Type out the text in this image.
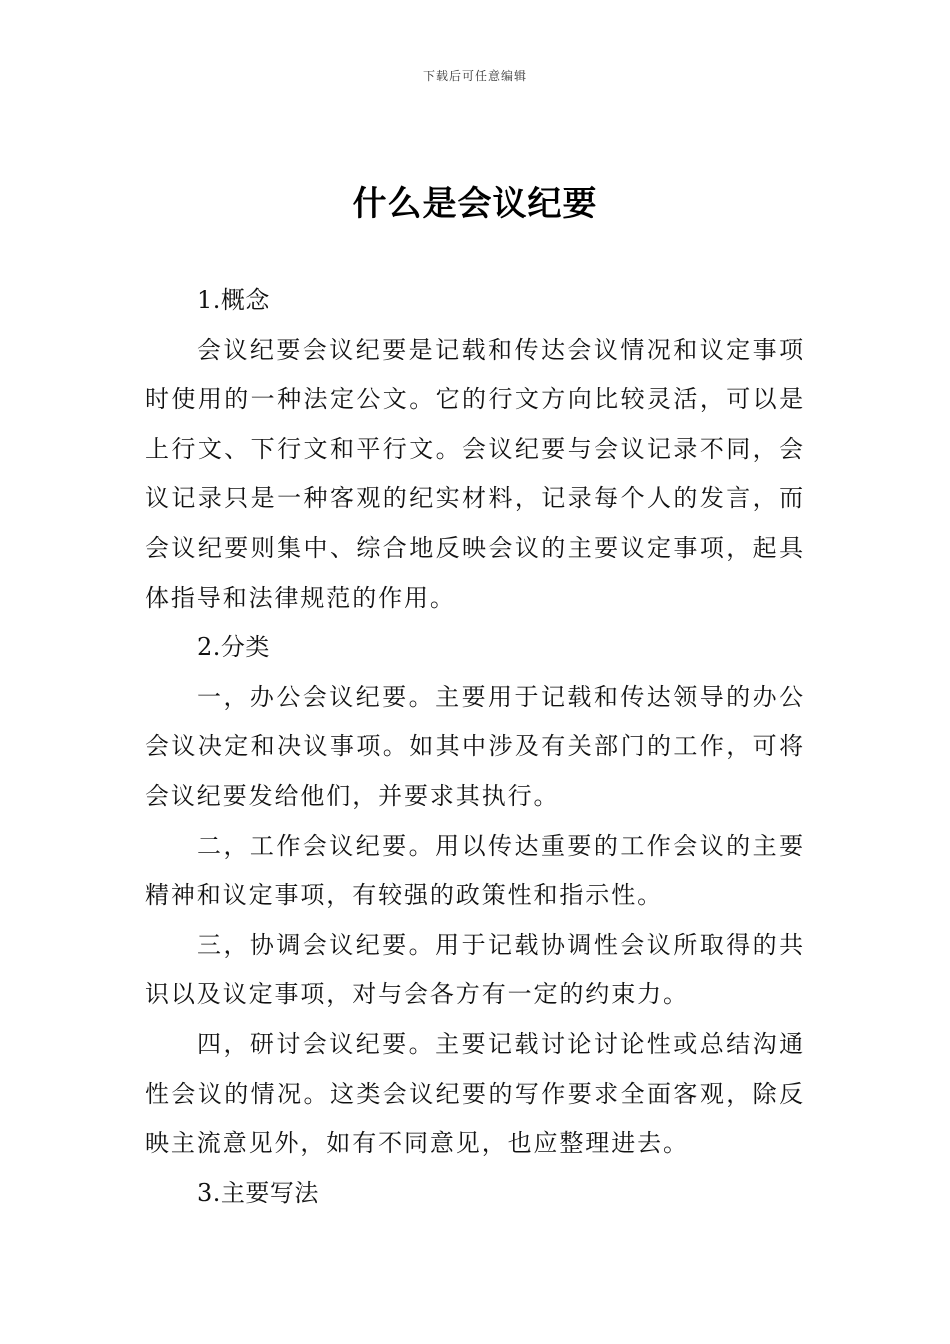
下载后可任意编辑
什么是会议纪要

1.概念

会议纪要会议纪要是记载和传达会议情况和议定事项时使用的一种法定公文。它的行文方向比较灵活，可以是上行文、下行文和平行文。会议纪要与会议记录不同，会议记录只是一种客观的纪实材料，记录每个人的发言，而会议纪要则集中、综合地反映会议的主要议定事项，起具体指导和法律规范的作用。

2.分类

一，办公会议纪要。主要用于记载和传达领导的办公会议决定和决议事项。如其中涉及有关部门的工作，可将会议纪要发给他们，并要求其执行。

二，工作会议纪要。用以传达重要的工作会议的主要精神和议定事项，有较强的政策性和指示性。

三，协调会议纪要。用于记载协调性会议所取得的共识以及议定事项，对与会各方有一定的约束力。

四，研讨会议纪要。主要记载讨论讨论性或总结沟通性会议的情况。这类会议纪要的写作要求全面客观，除反映主流意见外，如有不同意见，也应整理进去。

3.主要写法
